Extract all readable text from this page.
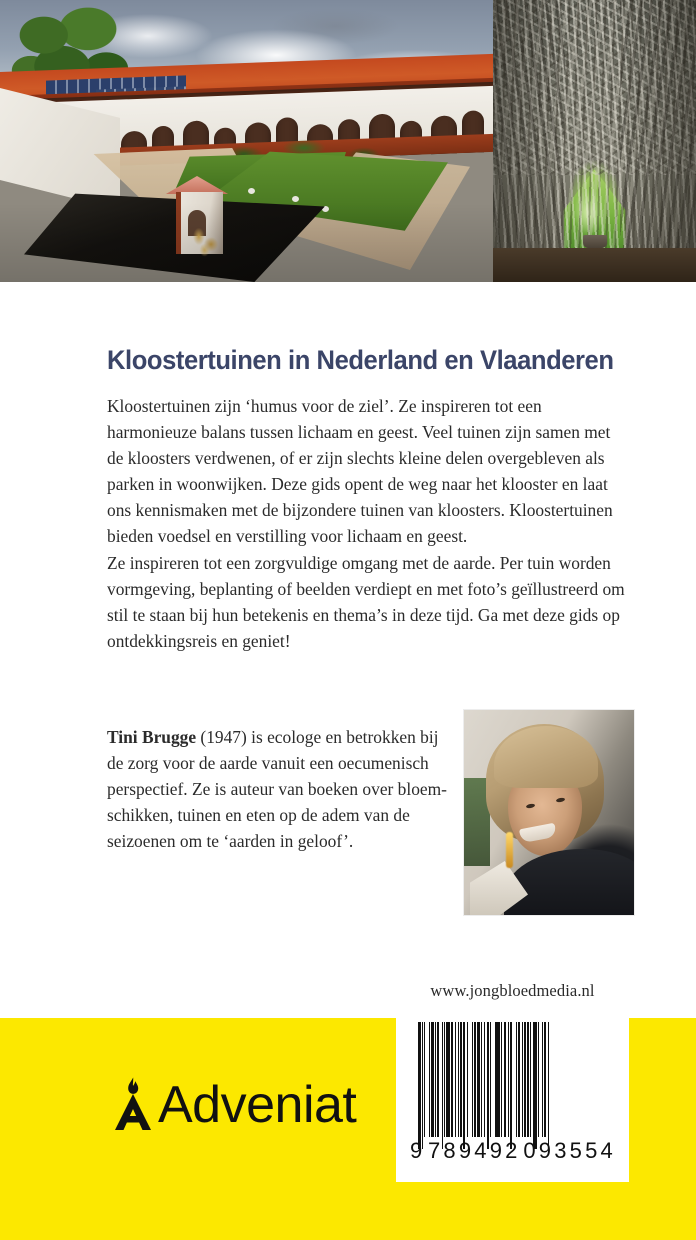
Kloostertuinen in Nederland en Vlaanderen

Kloostertuinen zijn ‘humus voor de ziel’. Ze inspireren tot een harmonieuze balans tussen lichaam en geest. Veel tuinen zijn samen met de kloosters verdwenen, of er zijn slechts kleine delen overgebleven als parken in woonwijken. Deze gids opent de weg naar het klooster en laat ons kennismaken met de bijzondere tuinen van kloosters. Kloostertuinen bieden voedsel en verstilling voor lichaam en geest.

Ze inspireren tot een zorgvuldige omgang met de aarde. Per tuin worden vormgeving, beplanting of beelden verdiept en met foto’s geïllustreerd om stil te staan bij hun betekenis en thema’s in deze tijd. Ga met deze gids op ontdekkingsreis en geniet!

Tini Brugge (1947) is ecologe en betrokken bij de zorg voor de aarde vanuit een oecumenisch perspectief. Ze is auteur van boeken over bloemschikken, tuinen en eten op de adem van de seizoenen om te ‘aarden in geloof’.

www.jongbloedmedia.nl
Adveniat
9 789492 093554
